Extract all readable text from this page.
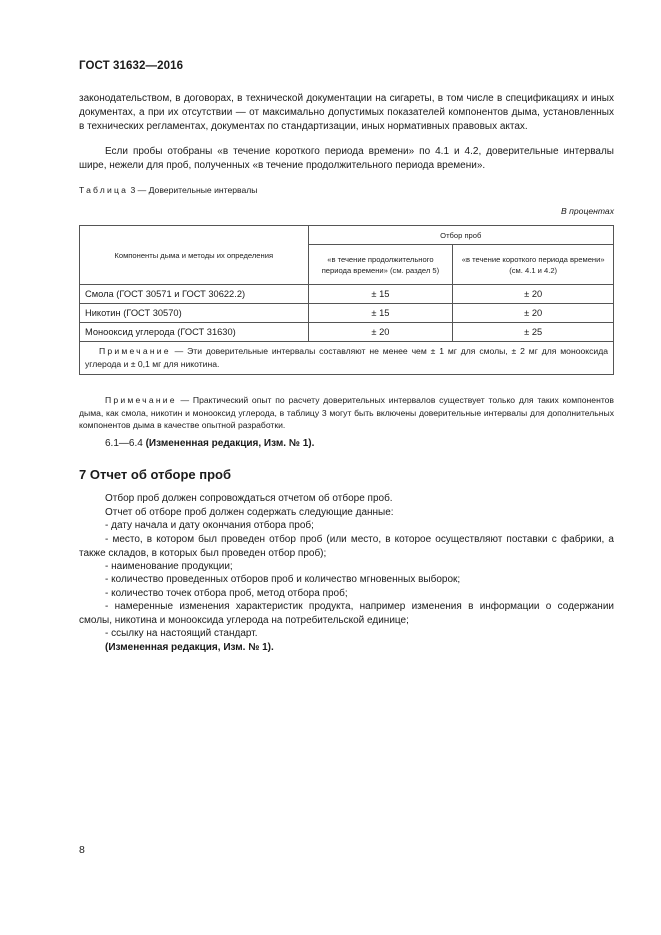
ГОСТ 31632—2016

законодательством, в договорах, в технической документации на сигареты, в том числе в спецификациях и иных документах, а при их отсутствии — от максимально допустимых показателей компонентов дыма, установленных в технических регламентах, документах по стандартизации, иных нормативных правовых актах.

Если пробы отобраны «в течение короткого периода времени» по 4.1 и 4.2, доверительные интервалы шире, нежели для проб, полученных «в течение продолжительного периода времени».

Таблица 3 — Доверительные интервалы
В процентах
Компоненты дыма и методы их определения	Отбор проб	
	«в течение продолжительного периода времени» (см. раздел 5)	«в течение короткого периода времени» (см. 4.1 и 4.2)
Смола (ГОСТ 30571 и ГОСТ 30622.2)	± 15	± 20
Никотин (ГОСТ 30570)	± 15	± 20
Монооксид углерода (ГОСТ 31630)	± 20	± 25
Примечание — Эти доверительные интервалы составляют не менее чем ± 1 мг для смолы, ± 2 мг для монооксида углерода и ± 0,1 мг для никотина.		
Примечание — Практический опыт по расчету доверительных интервалов существует только для таких компонентов дыма, как смола, никотин и монооксид углерода, в таблицу 3 могут быть включены доверительные интервалы для дополнительных компонентов дыма в качестве опытной разработки.

6.1—6.4 (Измененная редакция, Изм. № 1).

7 Отчет об отборе проб

Отбор проб должен сопровождаться отчетом об отборе проб.

Отчет об отборе проб должен содержать следующие данные:

- дату начала и дату окончания отбора проб;

- место, в котором был проведен отбор проб (или место, в которое осуществляют поставки с фабрики, а также складов, в которых был проведен отбор проб);

- наименование продукции;

- количество проведенных отборов проб и количество мгновенных выборок;

- количество точек отбора проб, метод отбора проб;

- намеренные изменения характеристик продукта, например изменения в информации о содержании смолы, никотина и монооксида углерода на потребительской единице;

- ссылку на настоящий стандарт.

(Измененная редакция, Изм. № 1).

8
